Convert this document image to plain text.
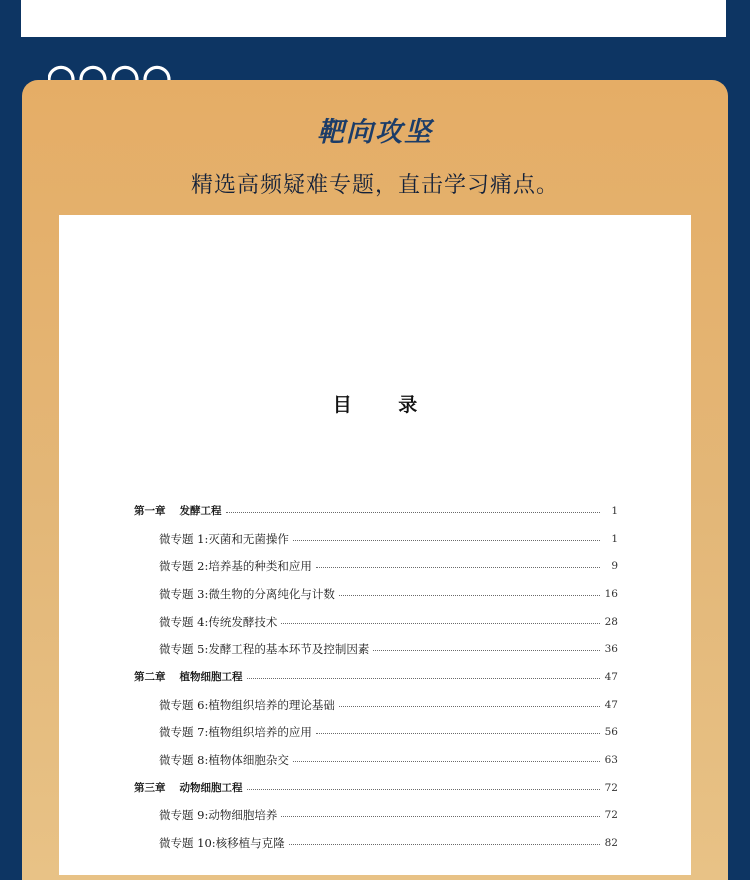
靶向攻坚
精选高频疑难专题，直击学习痛点。
目 录
第一章 发酵工程	1
微专题 1:灭菌和无菌操作	1
微专题 2:培养基的种类和应用	9
微专题 3:微生物的分离纯化与计数	16
微专题 4:传统发酵技术	28
微专题 5:发酵工程的基本环节及控制因素	36
第二章 植物细胞工程	47
微专题 6:植物组织培养的理论基础	47
微专题 7:植物组织培养的应用	56
微专题 8:植物体细胞杂交	63
第三章 动物细胞工程	72
微专题 9:动物细胞培养	72
微专题 10:核移植与克隆	82
